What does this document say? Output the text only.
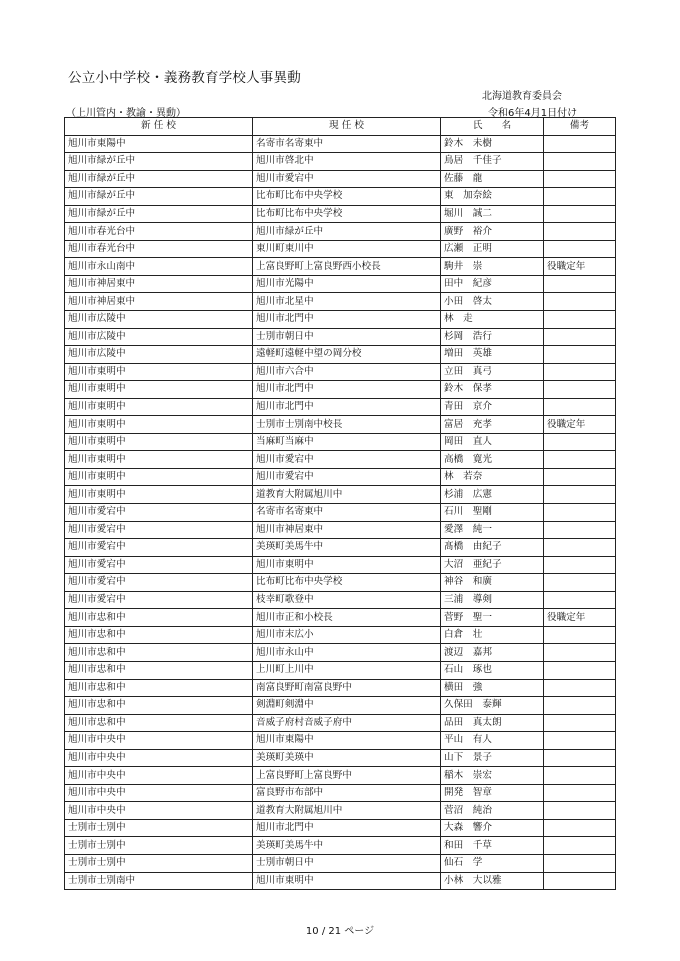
公立小中学校・義務教育学校人事異動
北海道教育委員会
（上川管内・教諭・異動）	令和6年4月1日付け
新 任 校	現 任 校	氏　　名	備考
旭川市東陽中	名寄市名寄東中	鈴木　未樹	
旭川市緑が丘中	旭川市啓北中	鳥居　千佳子	
旭川市緑が丘中	旭川市愛宕中	佐藤　龍	
旭川市緑が丘中	比布町比布中央学校	東　加奈絵	
旭川市緑が丘中	比布町比布中央学校	堀川　誠二	
旭川市春光台中	旭川市緑が丘中	廣野　裕介	
旭川市春光台中	東川町東川中	広瀬　正明	
旭川市永山南中	上富良野町上富良野西小校長	駒井　崇	役職定年
旭川市神居東中	旭川市光陽中	田中　紀彦	
旭川市神居東中	旭川市北星中	小田　啓太	
旭川市広陵中	旭川市北門中	林　走	
旭川市広陵中	士別市朝日中	杉岡　浩行	
旭川市広陵中	遠軽町遠軽中望の岡分校	増田　英雄	
旭川市東明中	旭川市六合中	立田　真弓	
旭川市東明中	旭川市北門中	鈴木　保孝	
旭川市東明中	旭川市北門中	青田　京介	
旭川市東明中	士別市士別南中校長	富居　充孝	役職定年
旭川市東明中	当麻町当麻中	岡田　直人	
旭川市東明中	旭川市愛宕中	高橋　寛光	
旭川市東明中	旭川市愛宕中	林　若奈	
旭川市東明中	道教育大附属旭川中	杉浦　広憲	
旭川市愛宕中	名寄市名寄東中	石川　聖剛	
旭川市愛宕中	旭川市神居東中	愛澤　純一	
旭川市愛宕中	美瑛町美馬牛中	髙橋　由紀子	
旭川市愛宕中	旭川市東明中	大沼　亜紀子	
旭川市愛宕中	比布町比布中央学校	神谷　和廣	
旭川市愛宕中	枝幸町歌登中	三浦　導剣	
旭川市忠和中	旭川市正和小校長	菅野　聖一	役職定年
旭川市忠和中	旭川市末広小	白倉　壮	
旭川市忠和中	旭川市永山中	渡辺　嘉邦	
旭川市忠和中	上川町上川中	石山　琢也	
旭川市忠和中	南富良野町南富良野中	横田　強	
旭川市忠和中	剣淵町剣淵中	久保田　泰輝	
旭川市忠和中	音威子府村音威子府中	品田　真太朗	
旭川市中央中	旭川市東陽中	平山　有人	
旭川市中央中	美瑛町美瑛中	山下　景子	
旭川市中央中	上富良野町上富良野中	稲木　崇宏	
旭川市中央中	富良野市布部中	開発　智章	
旭川市中央中	道教育大附属旭川中	菅沼　純治	
士別市士別中	旭川市北門中	大森　響介	
士別市士別中	美瑛町美馬牛中	和田　千草	
士別市士別中	士別市朝日中	仙石　学	
士別市士別南中	旭川市東明中	小林　大以雅	
10 / 21 ページ
